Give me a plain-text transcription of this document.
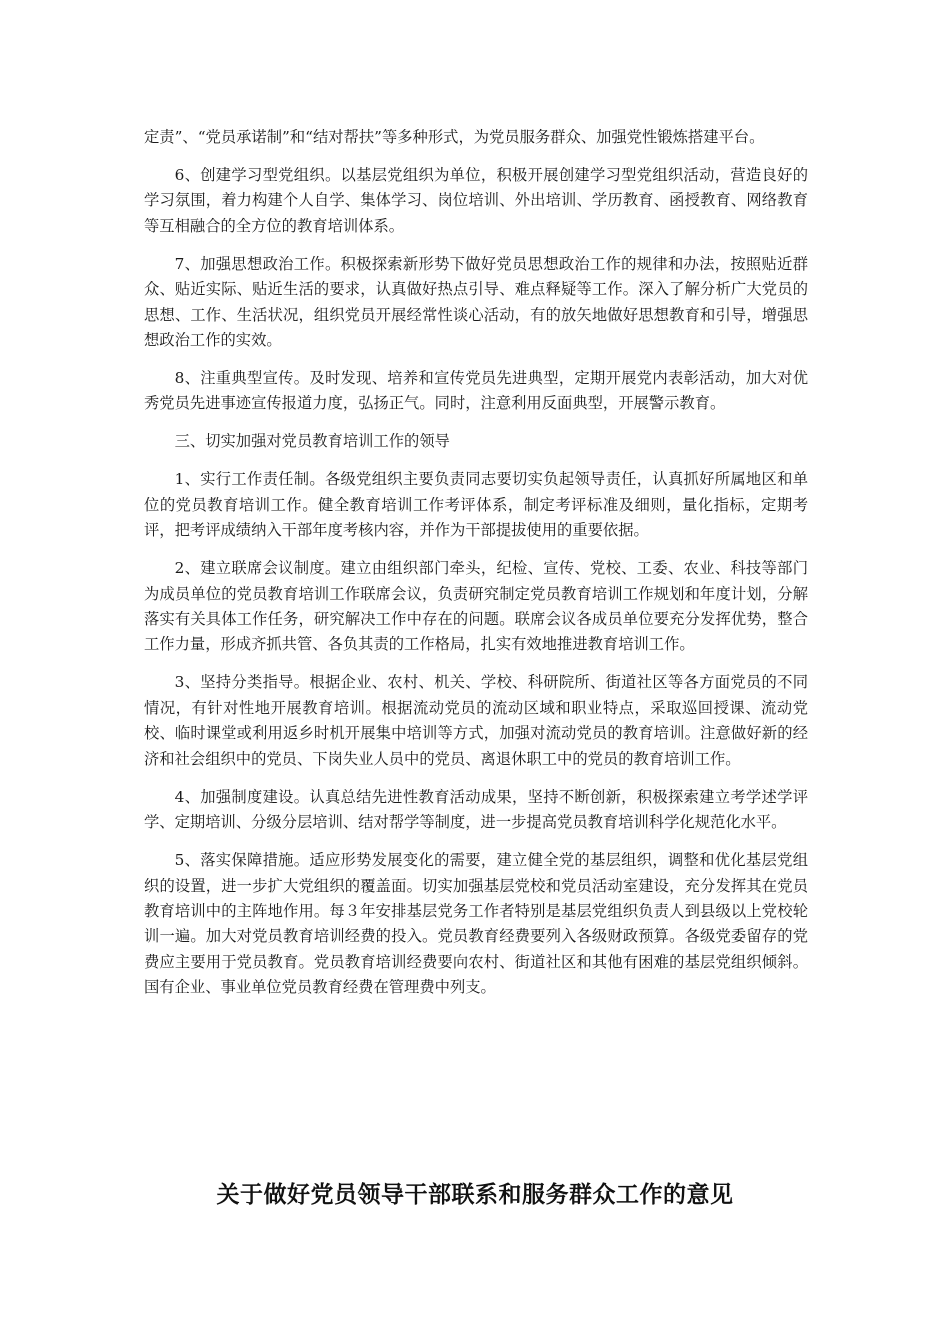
定责”、“党员承诺制”和“结对帮扶”等多种形式，为党员服务群众、加强党性锻炼搭建平台。

6、创建学习型党组织。以基层党组织为单位，积极开展创建学习型党组织活动，营造良好的学习氛围，着力构建个人自学、集体学习、岗位培训、外出培训、学历教育、函授教育、网络教育等互相融合的全方位的教育培训体系。

7、加强思想政治工作。积极探索新形势下做好党员思想政治工作的规律和办法，按照贴近群众、贴近实际、贴近生活的要求，认真做好热点引导、难点释疑等工作。深入了解分析广大党员的思想、工作、生活状况，组织党员开展经常性谈心活动，有的放矢地做好思想教育和引导，增强思想政治工作的实效。

8、注重典型宣传。及时发现、培养和宣传党员先进典型，定期开展党内表彰活动，加大对优秀党员先进事迹宣传报道力度，弘扬正气。同时，注意利用反面典型，开展警示教育。

三、切实加强对党员教育培训工作的领导

1、实行工作责任制。各级党组织主要负责同志要切实负起领导责任，认真抓好所属地区和单位的党员教育培训工作。健全教育培训工作考评体系，制定考评标准及细则，量化指标，定期考评，把考评成绩纳入干部年度考核内容，并作为干部提拔使用的重要依据。

2、建立联席会议制度。建立由组织部门牵头，纪检、宣传、党校、工委、农业、科技等部门为成员单位的党员教育培训工作联席会议，负责研究制定党员教育培训工作规划和年度计划，分解落实有关具体工作任务，研究解决工作中存在的问题。联席会议各成员单位要充分发挥优势，整合工作力量，形成齐抓共管、各负其责的工作格局，扎实有效地推进教育培训工作。

3、坚持分类指导。根据企业、农村、机关、学校、科研院所、街道社区等各方面党员的不同情况，有针对性地开展教育培训。根据流动党员的流动区域和职业特点，采取巡回授课、流动党校、临时课堂或利用返乡时机开展集中培训等方式，加强对流动党员的教育培训。注意做好新的经济和社会组织中的党员、下岗失业人员中的党员、离退休职工中的党员的教育培训工作。

4、加强制度建设。认真总结先进性教育活动成果，坚持不断创新，积极探索建立考学述学评学、定期培训、分级分层培训、结对帮学等制度，进一步提高党员教育培训科学化规范化水平。

5、落实保障措施。适应形势发展变化的需要，建立健全党的基层组织，调整和优化基层党组织的设置，进一步扩大党组织的覆盖面。切实加强基层党校和党员活动室建设，充分发挥其在党员教育培训中的主阵地作用。每３年安排基层党务工作者特别是基层党组织负责人到县级以上党校轮训一遍。加大对党员教育培训经费的投入。党员教育经费要列入各级财政预算。各级党委留存的党费应主要用于党员教育。党员教育培训经费要向农村、街道社区和其他有困难的基层党组织倾斜。国有企业、事业单位党员教育经费在管理费中列支。

关于做好党员领导干部联系和服务群众工作的意见
